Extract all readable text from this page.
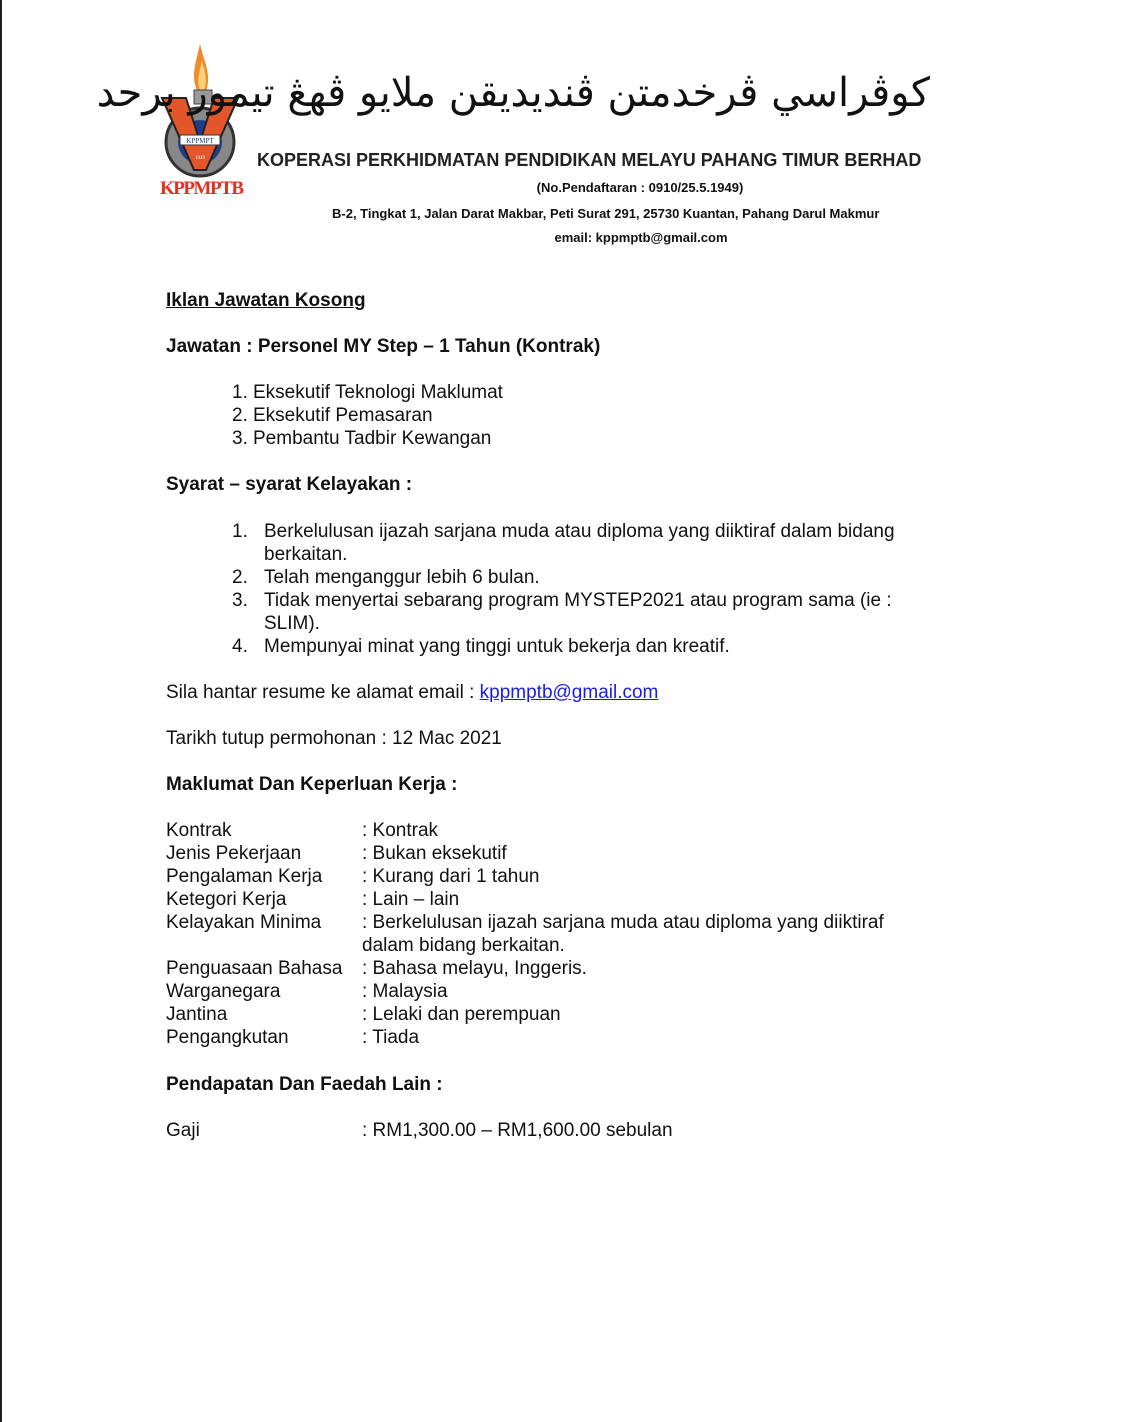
KPPMPT
1949
KPPMPTB
کوڤراسي ڤرخدمتن ڤنديديقن ملايو ڤهڠ تيمور برحد
KOPERASI PERKHIDMATAN PENDIDIKAN MELAYU PAHANG TIMUR BERHAD
(No.Pendaftaran : 0910/25.5.1949)
B-2, Tingkat 1, Jalan Darat Makbar, Peti Surat 291, 25730 Kuantan, Pahang Darul Makmur
email: kppmptb@gmail.com
Iklan Jawatan Kosong
Jawatan : Personel MY Step – 1 Tahun (Kontrak)
1. Eksekutif Teknologi Maklumat
2. Eksekutif Pemasaran
3. Pembantu Tadbir Kewangan
Syarat – syarat Kelayakan :
1. Berkelulusan ijazah sarjana muda atau diploma yang diiktiraf dalam bidang berkaitan.
2. Telah menganggur lebih 6 bulan.
3. Tidak menyertai sebarang program MYSTEP2021 atau program sama (ie : SLIM).
4. Mempunyai minat yang tinggi untuk bekerja dan kreatif.
Sila hantar resume ke alamat email : kppmptb@gmail.com
Tarikh tutup permohonan : 12 Mac 2021
Maklumat Dan Keperluan Kerja :
Kontrak	: Kontrak
Jenis Pekerjaan	: Bukan eksekutif
Pengalaman Kerja	: Kurang dari 1 tahun
Ketegori Kerja	: Lain – lain
Kelayakan Minima	: Berkelulusan ijazah sarjana muda atau diploma yang diiktiraf dalam bidang berkaitan.
Penguasaan Bahasa	: Bahasa melayu, Inggeris.
Warganegara	: Malaysia
Jantina	: Lelaki dan perempuan
Pengangkutan	: Tiada
Pendapatan Dan Faedah Lain :
Gaji	: RM1,300.00 – RM1,600.00 sebulan
